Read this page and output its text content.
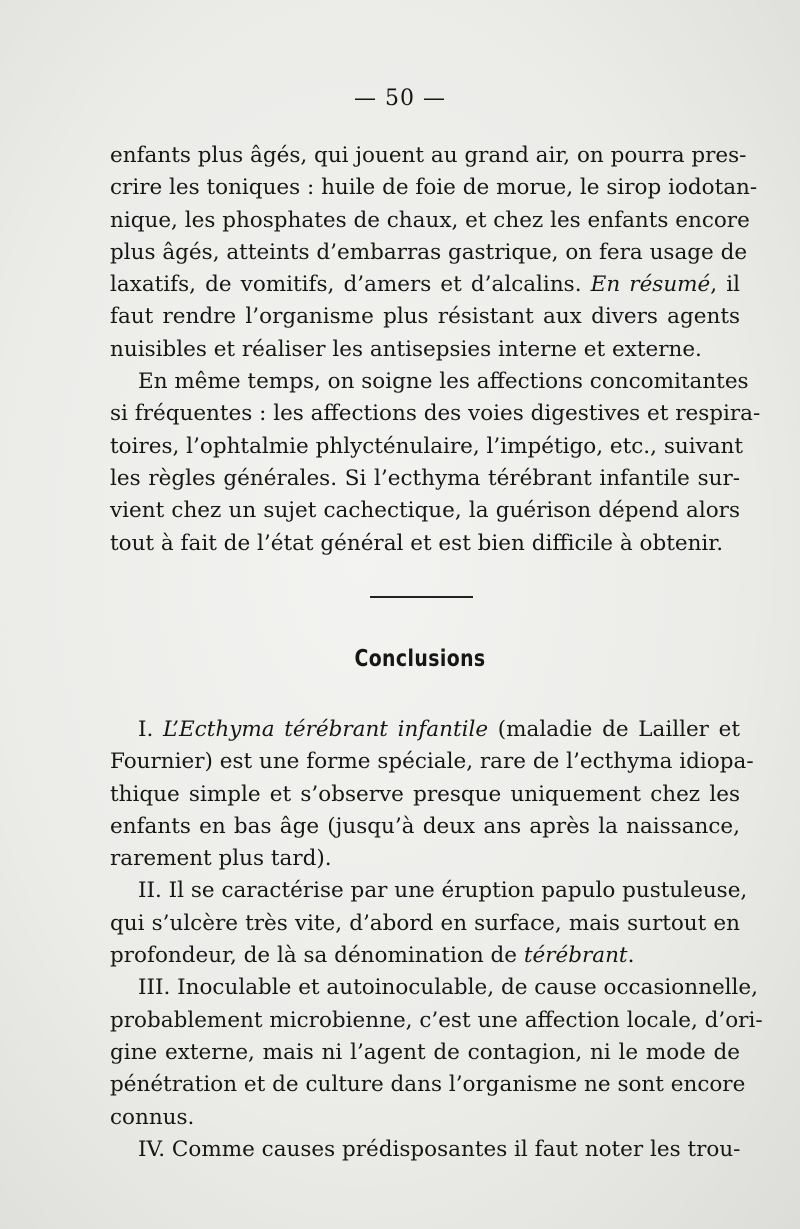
— 50 —
enfants plus âgés, qui jouent au grand air, on pourra pres-
crire les toniques : huile de foie de morue, le sirop iodotan-
nique, les phosphates de chaux, et chez les enfants encore
plus âgés, atteints d’embarras gastrique, on fera usage de
laxatifs, de vomitifs, d’amers et d’alcalins. En résumé, il
faut rendre l’organisme plus résistant aux divers agents
nuisibles et réaliser les antisepsies interne et externe.
En même temps, on soigne les affections concomitantes
si fréquentes : les affections des voies digestives et respira-
toires, l’ophtalmie phlycténulaire, l’impétigo, etc., suivant
les règles générales. Si l’ecthyma térébrant infantile sur-
vient chez un sujet cachectique, la guérison dépend alors
tout à fait de l’état général et est bien difficile à obtenir.
Conclusions
I. L’Ecthyma térébrant infantile (maladie de Lailler et
Fournier) est une forme spéciale, rare de l’ecthyma idiopa-
thique simple et s’observe presque uniquement chez les
enfants en bas âge (jusqu’à deux ans après la naissance,
rarement plus tard).
II. Il se caractérise par une éruption papulo pustuleuse,
qui s’ulcère très vite, d’abord en surface, mais surtout en
profondeur, de là sa dénomination de térébrant.
III. Inoculable et autoinoculable, de cause occasionnelle,
probablement microbienne, c’est une affection locale, d’ori-
gine externe, mais ni l’agent de contagion, ni le mode de
pénétration et de culture dans l’organisme ne sont encore
connus.
IV. Comme causes prédisposantes il faut noter les trou-
